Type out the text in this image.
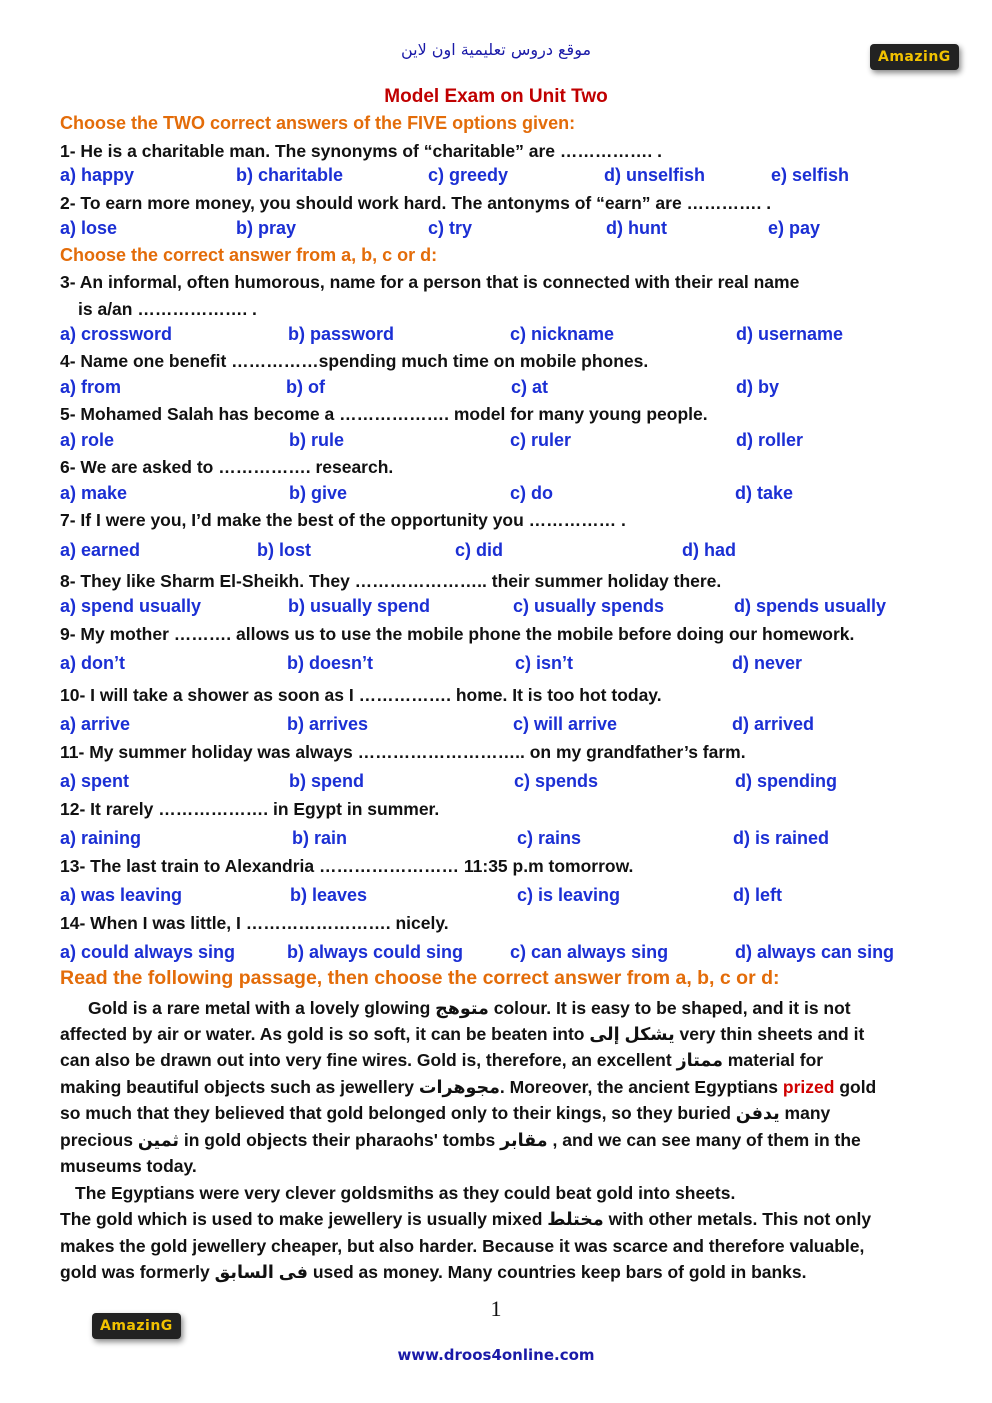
موقع دروس تعليمية اون لاين	AmazinG
Model Exam on Unit Two
Choose the TWO correct answers of the FIVE options given:
1- He is a charitable man. The synonyms of “charitable” are ……………. .
a) happy	b) charitable	c) greedy	d) unselfish	e) selfish
2- To earn more money, you should work hard. The antonyms of “earn” are …………. .
a) lose	b) pray	c) try	d) hunt	e) pay
Choose the correct answer from a, b, c or d:
3- An informal, often humorous, name for a person that is connected with their real name
is a/an ………………. .
a) crossword	b) password	c) nickname	d) username
4- Name one benefit ……………spending much time on mobile phones.
a) from	b) of	c) at	d) by
5- Mohamed Salah has become a ………………. model for many young people.
a) role	b) rule	c) ruler	d) roller
6- We are asked to ……………. research.
a) make	b) give	c) do	d) take
7- If I were you, I’d make the best of the opportunity you …………… .
a) earned	b) lost	c) did	d) had
8- They like Sharm El-Sheikh. They ………………….. their summer holiday there.
a) spend usually	b) usually spend	c) usually spends	d) spends usually
9- My mother ………. allows us to use the mobile phone the mobile before doing our homework.
a) don’t	b) doesn’t	c) isn’t	d) never
10- I will take a shower as soon as I ……………. home. It is too hot today.
a) arrive	b) arrives	c) will arrive	d) arrived
11- My summer holiday was always ……………………….. on my grandfather’s farm.
a) spent	b) spend	c) spends	d) spending
12- It rarely ………………. in Egypt in summer.
a) raining	b) rain	c) rains	d) is rained
13- The last train to Alexandria …………………… 11:35 p.m tomorrow.
a) was leaving	b) leaves	c) is leaving	d) left
14- When I was little, I ……………………. nicely.
a) could always sing	b) always could sing	c) can always sing	d) always can sing
Read the following passage, then choose the correct answer from a, b, c or d:
Gold is a rare metal with a lovely glowing متوهج colour. It is easy to be shaped, and it is not
affected by air or water. As gold is so soft, it can be beaten into يشكل إلى very thin sheets and it
can also be drawn out into very fine wires. Gold is, therefore, an excellent ممتاز material for
making beautiful objects such as jewellery مجوهرات. Moreover, the ancient Egyptians prized gold
so much that they believed that gold belonged only to their kings, so they buried يدفن many
precious ثمين in gold objects their pharaohs' tombs مقابر , and we can see many of them in the
museums today.
The Egyptians were very clever goldsmiths as they could beat gold into sheets.
The gold which is used to make jewellery is usually mixed مختلط with other metals. This not only
makes the gold jewellery cheaper, but also harder. Because it was scarce and therefore valuable,
gold was formerly فى السابق used as money. Many countries keep bars of gold in banks.
1
AmazinG
www.droos4online.com
